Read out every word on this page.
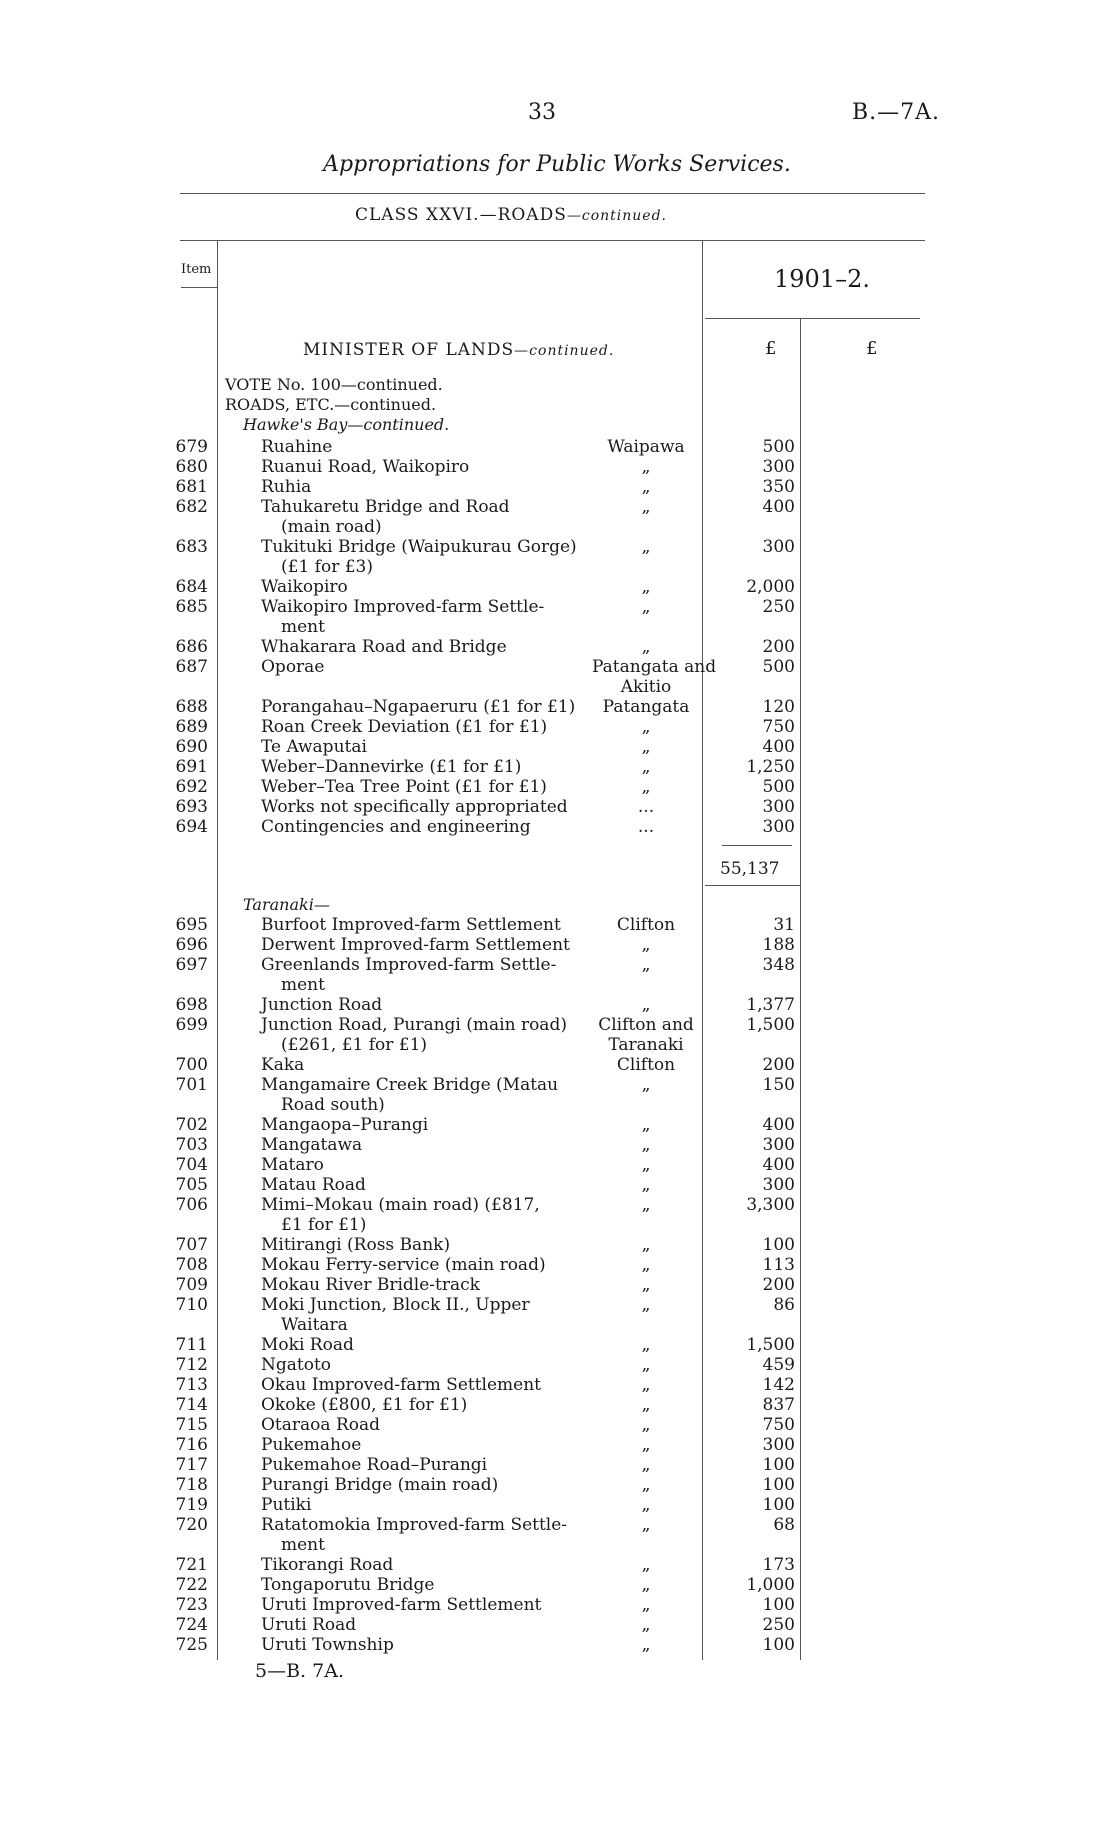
33	B.—7A.
Appropriations for Public Works Services.
CLASS XXVI.—ROADS—continued.
Item	1901–2.
MINISTER OF LANDS—continued.	£	£
VOTE No. 100—continued.
ROADS, ETC.—continued.
Hawke's Bay—continued.
679	Ruahine	Waipawa	500
680	Ruanui Road, Waikopiro	„	300
681	Ruhia	„	350
682	Tahukaretu Bridge and Road	„	400
(main road)
683	Tukituki Bridge (Waipukurau Gorge)	„	300
(£1 for £3)
684	Waikopiro	„	2,000
685	Waikopiro Improved-farm Settle-	„	250
ment
686	Whakarara Road and Bridge	„	200
687	Oporae	Patangata and	500
Akitio
688	Porangahau–Ngapaeruru (£1 for £1)	Patangata	120
689	Roan Creek Deviation (£1 for £1)	„	750
690	Te Awaputai	„	400
691	Weber–Dannevirke (£1 for £1)	„	1,250
692	Weber–Tea Tree Point (£1 for £1)	„	500
693	Works not specifically appropriated	...	300
694	Contingencies and engineering	...	300
55,137
Taranaki—
695	Burfoot Improved-farm Settlement	Clifton	31
696	Derwent Improved-farm Settlement	„	188
697	Greenlands Improved-farm Settle-	„	348
ment
698	Junction Road	„	1,377
699	Junction Road, Purangi (main road)	Clifton and	1,500
(£261, £1 for £1)	Taranaki
700	Kaka	Clifton	200
701	Mangamaire Creek Bridge (Matau	„	150
Road south)
702	Mangaopa–Purangi	„	400
703	Mangatawa	„	300
704	Mataro	„	400
705	Matau Road	„	300
706	Mimi–Mokau (main road) (£817,	„	3,300
£1 for £1)
707	Mitirangi (Ross Bank)	„	100
708	Mokau Ferry-service (main road)	„	113
709	Mokau River Bridle-track	„	200
710	Moki Junction, Block II., Upper	„	86
Waitara
711	Moki Road	„	1,500
712	Ngatoto	„	459
713	Okau Improved-farm Settlement	„	142
714	Okoke (£800, £1 for £1)	„	837
715	Otaraoa Road	„	750
716	Pukemahoe	„	300
717	Pukemahoe Road–Purangi	„	100
718	Purangi Bridge (main road)	„	100
719	Putiki	„	100
720	Ratatomokia Improved-farm Settle-	„	68
ment
721	Tikorangi Road	„	173
722	Tongaporutu Bridge	„	1,000
723	Uruti Improved-farm Settlement	„	100
724	Uruti Road	„	250
725	Uruti Township	„	100
5—B. 7A.
